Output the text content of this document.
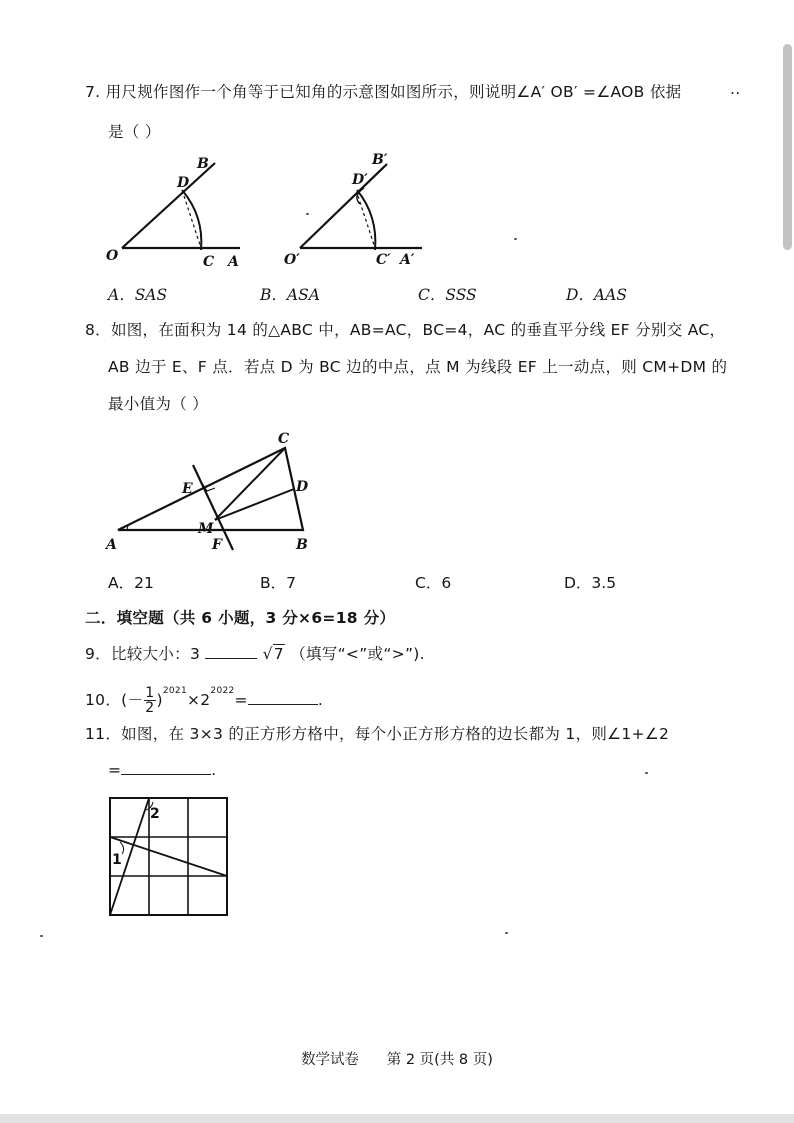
7. 用尺规作图作一个角等于已知角的示意图如图所示，则说明∠A′ OB′ =∠AOB 依据	..
是（ ）
B
D
O	C A
B′
D′
O′	C′ A′
A．SAS	B．ASA	C．SSS	D．AAS
8．如图，在面积为 14 的△ABC 中，AB=AC，BC=4，AC 的垂直平分线 EF 分别交 AC，
AB 边于 E、F 点．若点 D 为 BC 边的中点，点 M 为线段 EF 上一动点，则 CM+DM 的
最小值为（ ）
C
E	D
M
A	F	B
A．21	B．7	C．6	D．3.5
二．填空题（共 6 小题，3 分×6=18 分）
9．比较大小：3	√7 （填写“<”或“>”).
10．(－ $\frac{1}{2} )^{2021}\times 2^{2022}=$	.
11．如图，在 3×3 的正方形方格中，每个小正方形方格的边长都为 1，则∠1+∠2
=	.
2
1
数学试卷 第 2 页(共 8 页)
